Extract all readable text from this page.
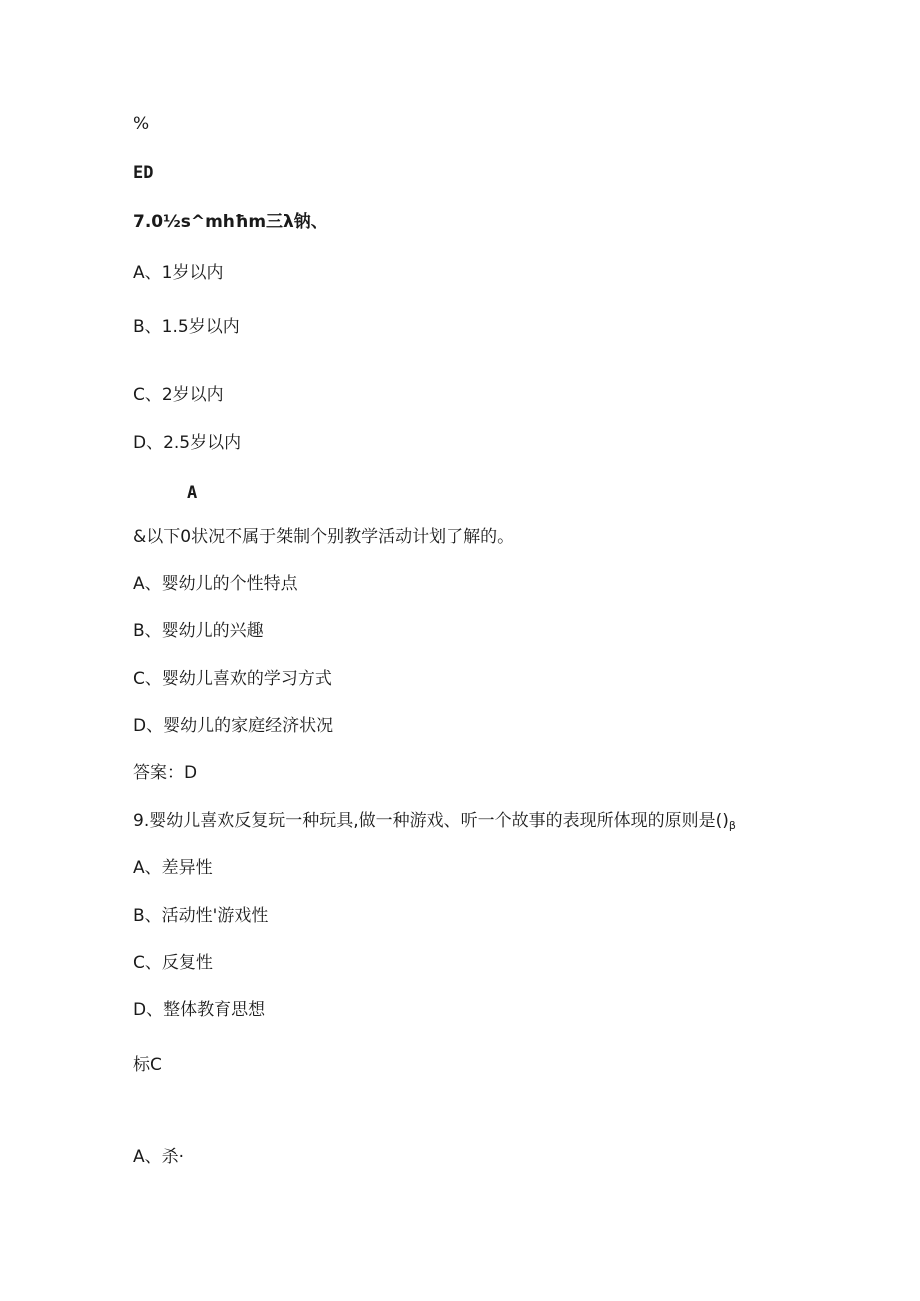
%
ED
7.0½s^mhħm三λ钠、
A、1岁以内
B、1.5岁以内
C、2岁以内
D、2.5岁以内
A
&以下0状况不属于桀制个别教学活动计划了解的。
A、婴幼儿的个性特点
B、婴幼儿的兴趣
C、婴幼儿喜欢的学习方式
D、婴幼儿的家庭经济状况
答案：D
9.婴幼儿喜欢反复玩一种玩具,做一种游戏、听一个故事的表现所体现的原则是()β
A、差异性
B、活动性'游戏性
C、反复性
D、整体教育思想
标C
A、杀·
